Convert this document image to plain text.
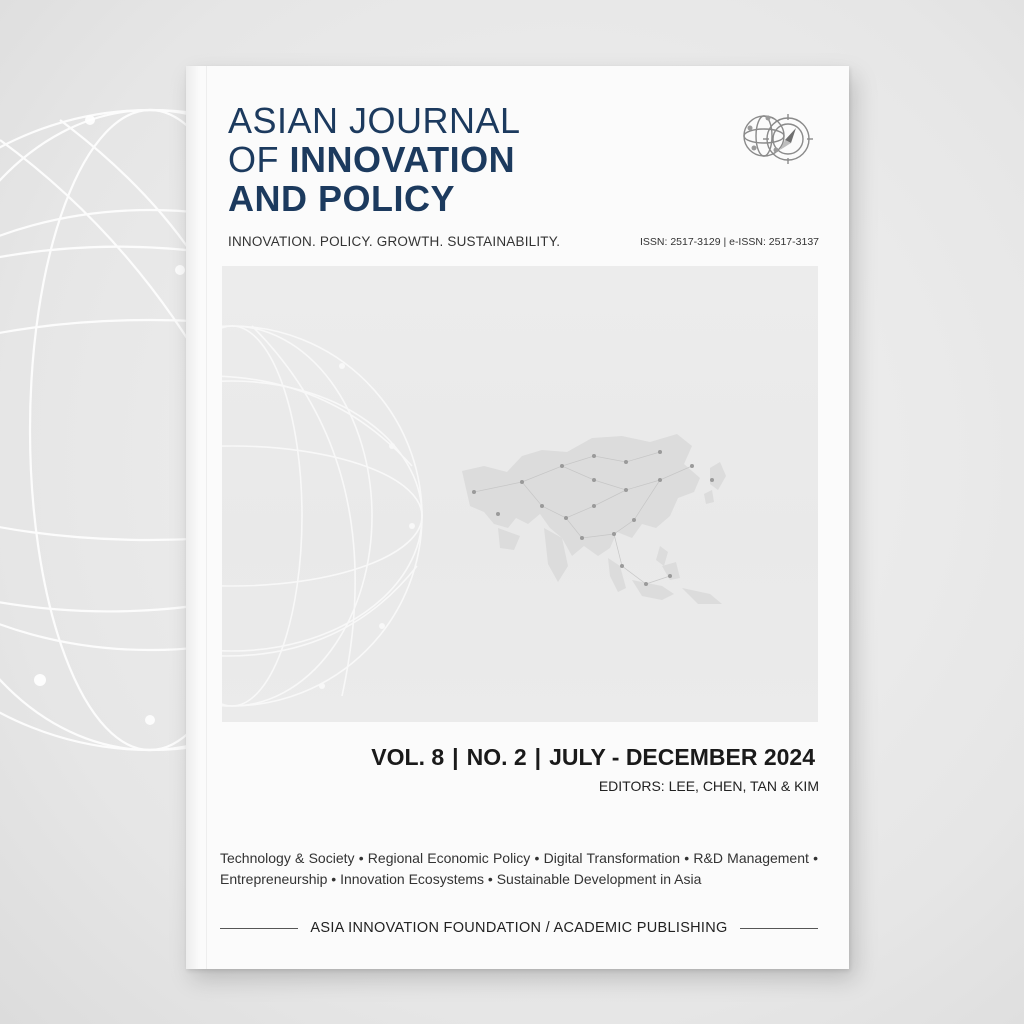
ASIAN JOURNAL
OF INNOVATION
AND POLICY
INNOVATION. POLICY. GROWTH. SUSTAINABILITY.	ISSN: 2517-3129 | e-ISSN: 2517-3137
VOL. 8 | NO. 2 | JULY - DECEMBER 2024
EDITORS: LEE, CHEN, TAN & KIM
Technology & Society • Regional Economic Policy • Digital Transformation • R&D Management • Entrepreneurship • Innovation Ecosystems • Sustainable Development in Asia
ASIA INNOVATION FOUNDATION / ACADEMIC PUBLISHING
